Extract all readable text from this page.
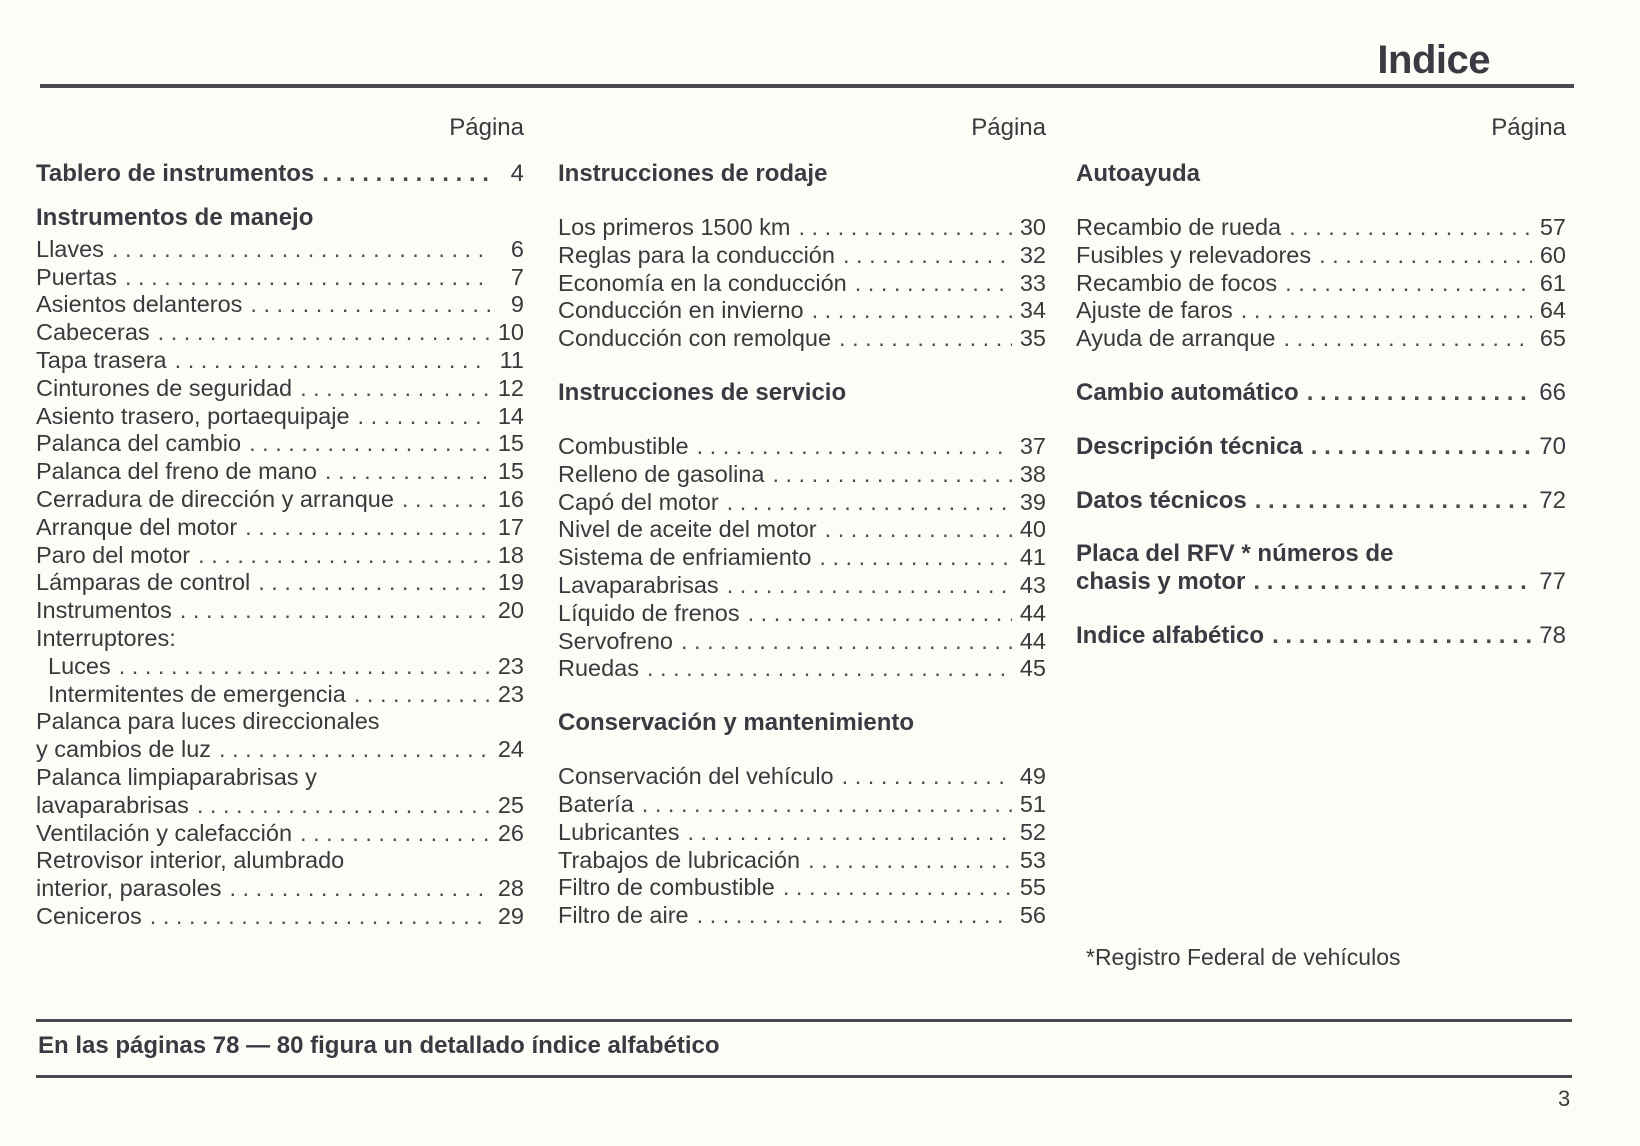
Indice
Página
Tablero de instrumentos . . .	4
Instrumentos de manejo
Llaves . . .	6
Puertas . . .	7
Asientos delanteros . . .	9
Cabeceras . . .	10
Tapa trasera . . .	11
Cinturones de seguridad . . .	12
Asiento trasero, portaequipaje . . .	14
Palanca del cambio . . .	15
Palanca del freno de mano . . .	15
Cerradura de dirección y arranque . . .	16
Arranque del motor . . .	17
Paro del motor . . .	18
Lámparas de control . . .	19
Instrumentos . . .	20
Interruptores:
Luces . . .	23
Intermitentes de emergencia . . .	23
Palanca para luces direccionales
y cambios de luz . . .	24
Palanca limpiaparabrisas y
lavaparabrisas . . .	25
Ventilación y calefacción . . .	26
Retrovisor interior, alumbrado
interior, parasoles . . .	28
Ceniceros . . .	29
Página
Instrucciones de rodaje
Los primeros 1500 km . . .	30
Reglas para la conducción . . .	32
Economía en la conducción . . .	33
Conducción en invierno . . .	34
Conducción con remolque . . .	35
Instrucciones de servicio
Combustible . . .	37
Relleno de gasolina . . .	38
Capó del motor . . .	39
Nivel de aceite del motor . . .	40
Sistema de enfriamiento . . .	41
Lavaparabrisas . . .	43
Líquido de frenos . . .	44
Servofreno . . .	44
Ruedas . . .	45
Conservación y mantenimiento
Conservación del vehículo . . .	49
Batería . . .	51
Lubricantes . . .	52
Trabajos de lubricación . . .	53
Filtro de combustible . . .	55
Filtro de aire . . .	56
Página
Autoayuda
Recambio de rueda . . .	57
Fusibles y relevadores . . .	60
Recambio de focos . . .	61
Ajuste de faros . . .	64
Ayuda de arranque . . .	65
Cambio automático . . .	66
Descripción técnica . . .	70
Datos técnicos . . .	72
Placa del RFV * números de
chasis y motor . . .	77
Indice alfabético . . .	78
*Registro Federal de vehículos
En las páginas 78 — 80 figura un detallado índice alfabético
3
